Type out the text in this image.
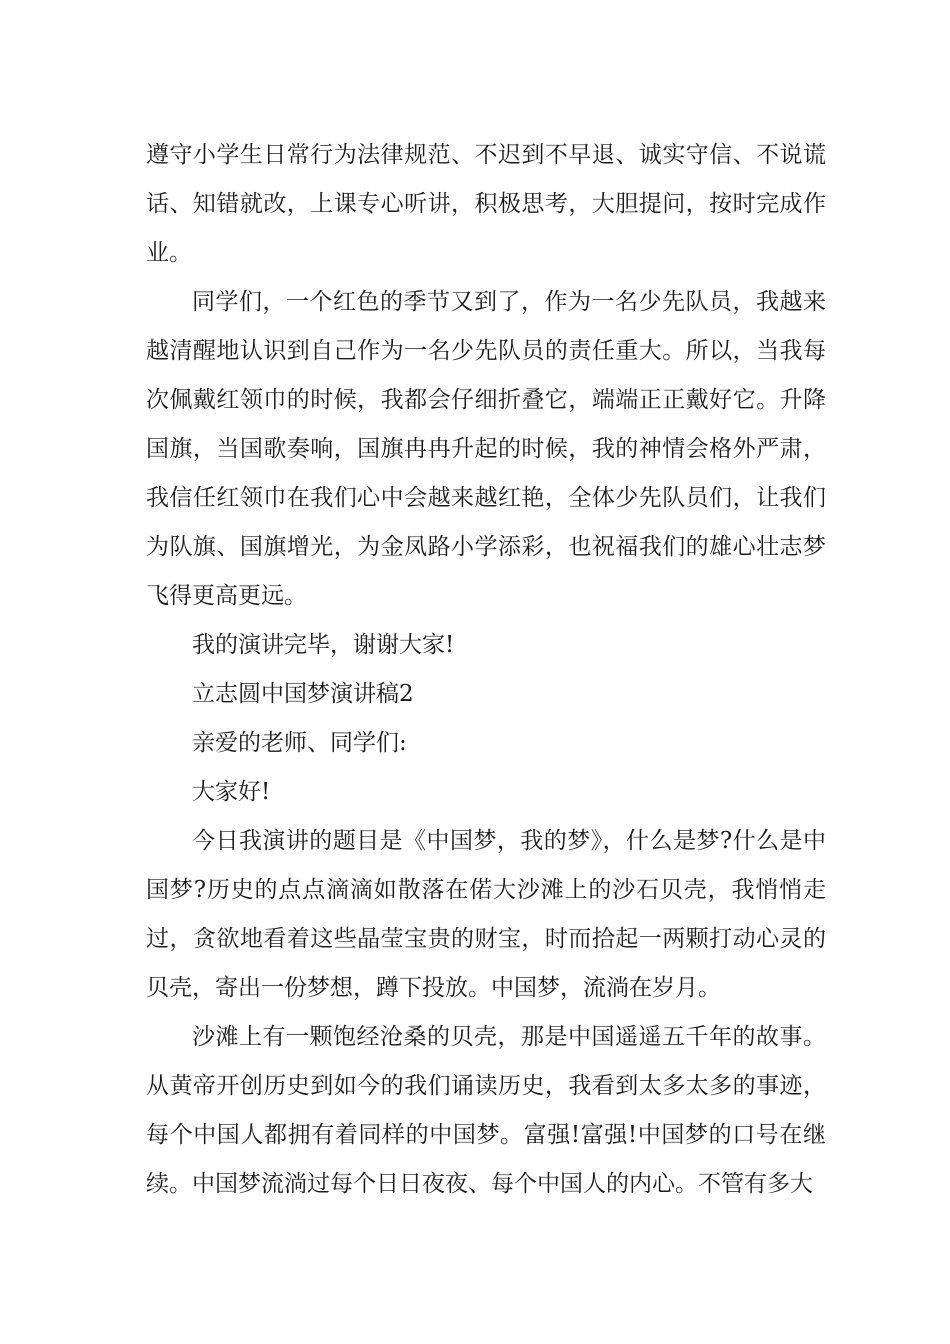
遵守小学生日常行为法律规范、不迟到不早退、诚实守信、不说谎话、知错就改，上课专心听讲，积极思考，大胆提问，按时完成作业。

同学们，一个红色的季节又到了，作为一名少先队员，我越来越清醒地认识到自己作为一名少先队员的责任重大。所以，当我每次佩戴红领巾的时候，我都会仔细折叠它，端端正正戴好它。升降国旗，当国歌奏响，国旗冉冉升起的时候，我的神情会格外严肃，我信任红领巾在我们心中会越来越红艳，全体少先队员们，让我们为队旗、国旗增光，为金凤路小学添彩，也祝福我们的雄心壮志梦飞得更高更远。

我的演讲完毕，谢谢大家!

立志圆中国梦演讲稿2

亲爱的老师、同学们:

大家好!

今日我演讲的题目是《中国梦，我的梦》，什么是梦?什么是中国梦?历史的点点滴滴如散落在偌大沙滩上的沙石贝壳，我悄悄走过，贪欲地看着这些晶莹宝贵的财宝，时而拾起一两颗打动心灵的贝壳，寄出一份梦想，蹲下投放。中国梦，流淌在岁月。

沙滩上有一颗饱经沧桑的贝壳，那是中国遥遥五千年的故事。从黄帝开创历史到如今的我们诵读历史，我看到太多太多的事迹，每个中国人都拥有着同样的中国梦。富强!富强!中国梦的口号在继续。中国梦流淌过每个日日夜夜、每个中国人的内心。不管有多大
